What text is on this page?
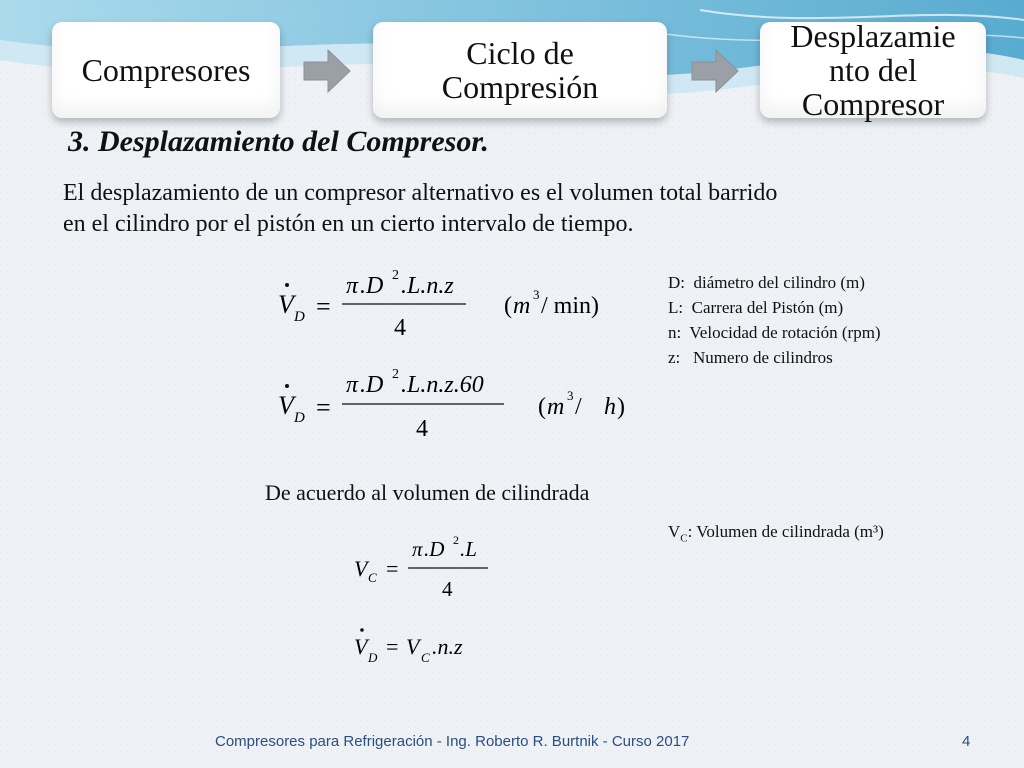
Compresores	Ciclo de
Compresión
Desplazamie
nto del
Compresor
3. Desplazamiento del Compresor.
El desplazamiento de un compresor alternativo es el volumen total barrido
en el cilindro por el pistón en un cierto intervalo de tiempo.
V D =
π .D 2 .L.n.z
4
( m 3 / min)
V D =
π .D 2 .L.n.z.60
4
( m 3 / h )
D:  diámetro del cilindro (m)
L:  Carrera del Pistón (m)
n:  Velocidad de rotación (rpm)
z:   Numero de cilindros
De acuerdo al volumen de cilindrada
$V_C$: Volumen de cilindrada (m³)
V C =
π .D 2 .L
4
V D = V C .n.z
Compresores para Refrigeración - Ing. Roberto R. Burtnik - Curso 2017	4
